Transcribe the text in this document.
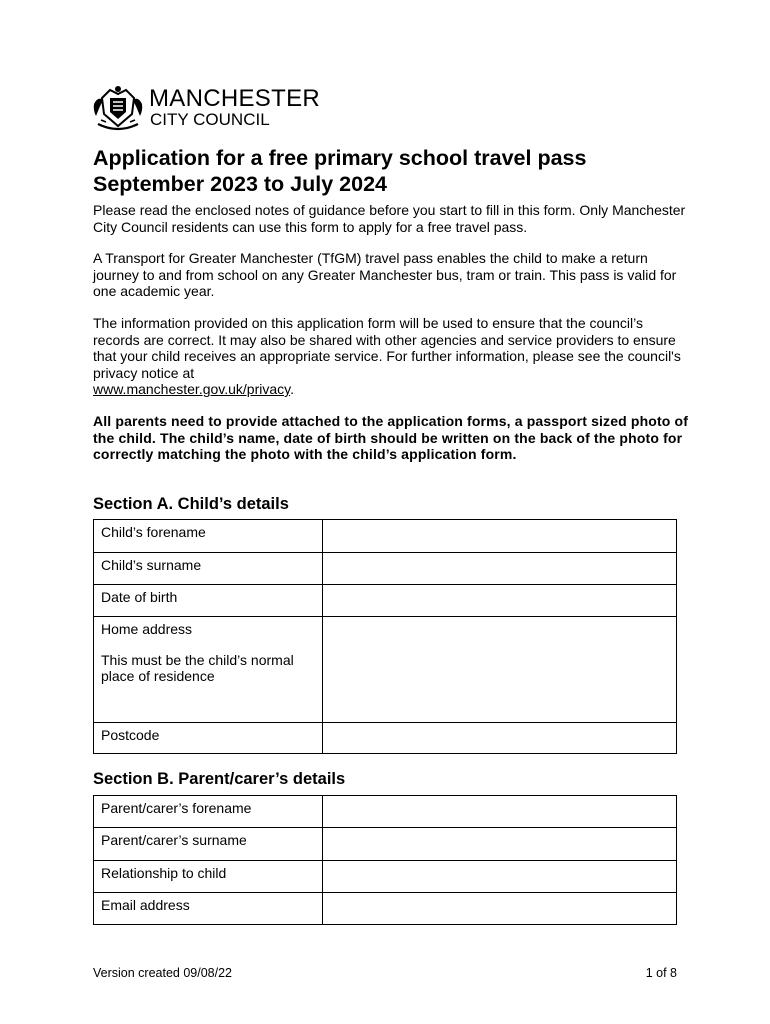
MANCHESTER
CITY COUNCIL
Application for a free primary school travel pass
September 2023 to July 2024
Please read the enclosed notes of guidance before you start to fill in this form. Only Manchester City Council residents can use this form to apply for a free travel pass.
A Transport for Greater Manchester (TfGM) travel pass enables the child to make a return journey to and from school on any Greater Manchester bus, tram or train. This pass is valid for one academic year.
The information provided on this application form will be used to ensure that the council’s records are correct. It may also be shared with other agencies and service providers to ensure that your child receives an appropriate service. For further information, please see the council's privacy notice at
www.manchester.gov.uk/privacy.
All parents need to provide attached to the application forms, a passport sized photo of the child. The child’s name, date of birth should be written on the back of the photo for correctly matching the photo with the child’s application form.
Section A. Child’s details
Child’s forename	
Child’s surname	
Date of birth	

Home address
This must be the child’s normal place of residence	

Postcode	
Section B. Parent/carer’s details
Parent/carer’s forename	
Parent/carer’s surname	
Relationship to child	
Email address	
Version created 09/08/22	1 of 8
